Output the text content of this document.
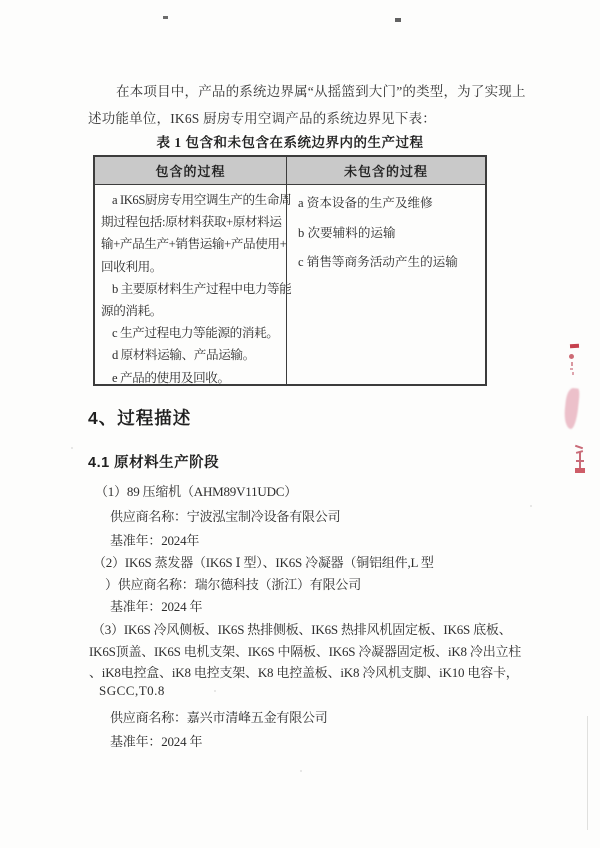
在本项目中，产品的系统边界属“从摇篮到大门”的类型，为了实现上
述功能单位，IK6S 厨房专用空调产品的系统边界见下表：
表 1 包含和未包含在系统边界内的生产过程
包含的过程	未包含的过程
a IK6S厨房专用空调生产的生命周
期过程包括:原材料获取+原材料运
输+产品生产+销售运输+产品使用+
回收利用。
b 主要原材料生产过程中电力等能
源的消耗。
c 生产过程电力等能源的消耗。
d 原材料运输、产品运输。
e 产品的使用及回收。
a 资本设备的生产及维修
b 次要辅料的运输
c 销售等商务活动产生的运输
4、过程描述
4.1 原材料生产阶段
（1）89 压缩机（AHM89V11UDC）
供应商名称：宁波泓宝制冷设备有限公司
基准年：2024年
（2）IK6S 蒸发器（IK6S Ⅰ 型）、IK6S 冷凝器（铜铝组件,L 型
）供应商名称：瑞尔德科技（浙江）有限公司
基准年：2024 年
（3）IK6S 冷风侧板、IK6S 热排侧板、IK6S 热排风机固定板、IK6S 底板、
IK6S顶盖、IK6S 电机支架、IK6S 中隔板、IK6S 冷凝器固定板、iK8 冷出立柱
、iK8电控盒、iK8 电控支架、K8 电控盖板、iK8 冷风机支脚、iK10 电容卡，
SGCC,T0.8
供应商名称：嘉兴市清峰五金有限公司
基准年：2024 年
